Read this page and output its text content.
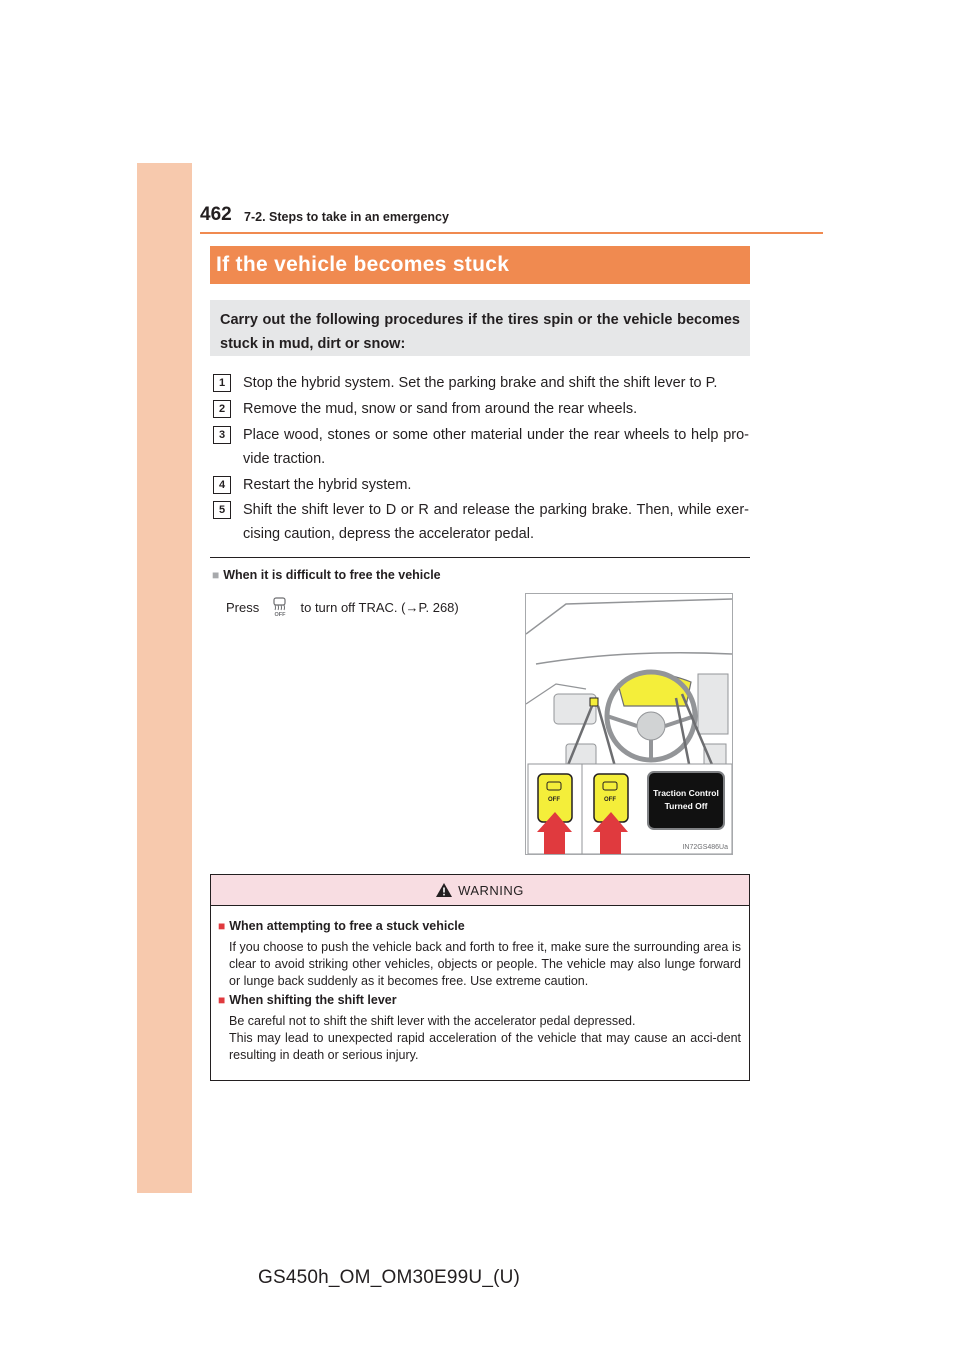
462 7-2. Steps to take in an emergency
If the vehicle becomes stuck
Carry out the following procedures if the tires spin or the vehicle becomes stuck in mud, dirt or snow:
1	Stop the hybrid system. Set the parking brake and shift the shift lever to P.
2	Remove the mud, snow or sand from around the rear wheels.
3	Place wood, stones or some other material under the rear wheels to help pro-vide traction.
4	Restart the hybrid system.
5	Shift the shift lever to D or R and release the parking brake. Then, while exer-cising caution, depress the accelerator pedal.
■ When it is difficult to free the vehicle
Press	OFF to turn off TRAC. (→P. 268)
OFF	OFF
Traction Control
Turned Off
IN72GS486Ua
WARNING
■ When attempting to free a stuck vehicle

If you choose to push the vehicle back and forth to free it, make sure the surrounding area is clear to avoid striking other vehicles, objects or people. The vehicle may also lunge forward or lunge back suddenly as it becomes free. Use extreme caution.

■ When shifting the shift lever

Be careful not to shift the shift lever with the accelerator pedal depressed.

This may lead to unexpected rapid acceleration of the vehicle that may cause an acci-dent resulting in death or serious injury.

GS450h_OM_OM30E99U_(U)
